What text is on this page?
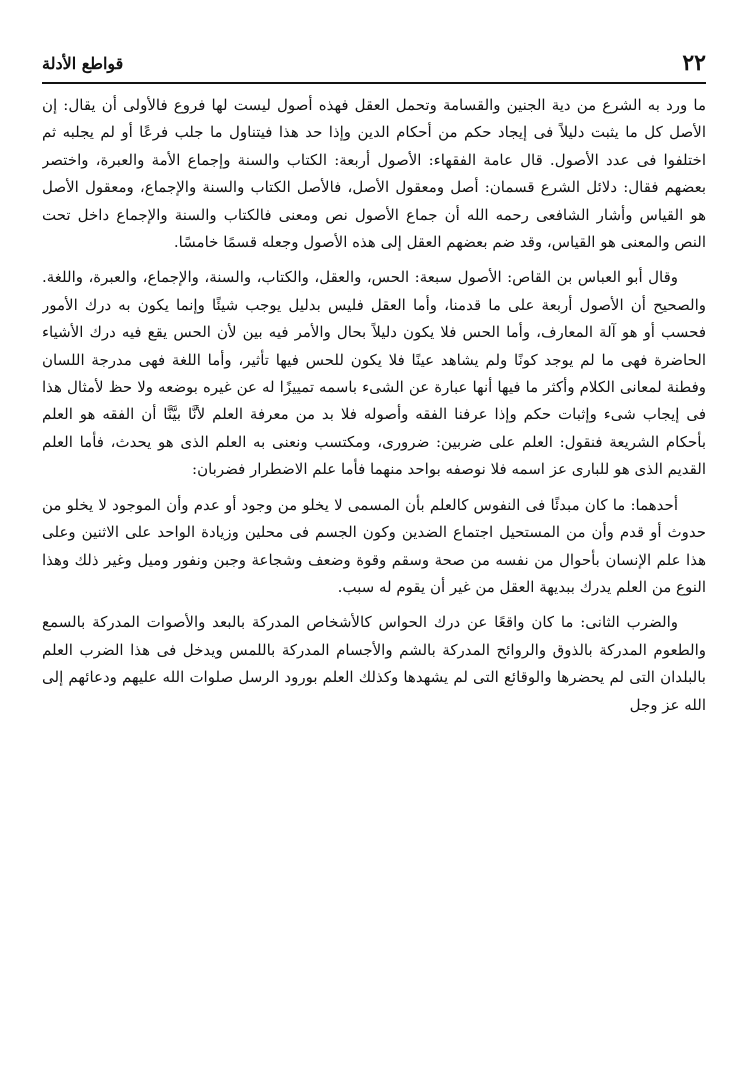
٢٢
قواطع الأدلة

ما ورد به الشرع من دية الجنين والقسامة وتحمل العقل فهذه أصول ليست لها فروع فالأولى أن يقال: إن الأصل كل ما يثبت دليلاً فى إيجاد حكم من أحكام الدين وإذا حد هذا فيتناول ما جلب فرعًا أو لم يجلبه ثم اختلفوا فى عدد الأصول. قال عامة الفقهاء: الأصول أربعة: الكتاب والسنة وإجماع الأمة والعبرة، واختصر بعضهم فقال: دلائل الشرع قسمان: أصل ومعقول الأصل، فالأصل الكتاب والسنة والإجماع، ومعقول الأصل هو القياس وأشار الشافعى رحمه الله أن جماع الأصول نص ومعنى فالكتاب والسنة والإجماع داخل تحت النص والمعنى هو القياس، وقد ضم بعضهم العقل إلى هذه الأصول وجعله قسمًا خامسًا.

وقال أبو العباس بن القاص: الأصول سبعة: الحس، والعقل، والكتاب، والسنة، والإجماع، والعبرة، واللغة. والصحيح أن الأصول أربعة على ما قدمنا، وأما العقل فليس بدليل يوجب شيئًا وإنما يكون به درك الأمور فحسب أو هو آلة المعارف، وأما الحس فلا يكون دليلاً بحال والأمر فيه بين لأن الحس يقع فيه درك الأشياء الحاضرة فهى ما لم يوجد كونًا ولم يشاهد عينًا فلا يكون للحس فيها تأثير، وأما اللغة فهى مدرجة اللسان وفطنة لمعانى الكلام وأكثر ما فيها أنها عبارة عن الشىء باسمه تمييزًا له عن غيره بوضعه ولا حظ لأمثال هذا فى إيجاب شىء وإثبات حكم وإذا عرفنا الفقه وأصوله فلا بد من معرفة العلم لأنَّا بيَّنَّا أن الفقه هو العلم بأحكام الشريعة فنقول: العلم على ضربين: ضرورى، ومكتسب ونعنى به العلم الذى هو يحدث، فأما العلم القديم الذى هو للبارى عز اسمه فلا نوصفه بواحد منهما فأما علم الاضطرار فضربان:

أحدهما: ما كان مبدئًا فى النفوس كالعلم بأن المسمى لا يخلو من وجود أو عدم وأن الموجود لا يخلو من حدوث أو قدم وأن من المستحيل اجتماع الضدين وكون الجسم فى محلين وزيادة الواحد على الاثنين وعلى هذا علم الإنسان بأحوال من نفسه من صحة وسقم وقوة وضعف وشجاعة وجبن ونفور وميل وغير ذلك وهذا النوع من العلم يدرك ببديهة العقل من غير أن يقوم له سبب.

والضرب الثانى: ما كان واقعًا عن درك الحواس كالأشخاص المدركة بالبعد والأصوات المدركة بالسمع والطعوم المدركة بالذوق والروائح المدركة بالشم والأجسام المدركة باللمس ويدخل فى هذا الضرب العلم بالبلدان التى لم يحضرها والوقائع التى لم يشهدها وكذلك العلم بورود الرسل صلوات الله عليهم ودعائهم إلى الله عز وجل
